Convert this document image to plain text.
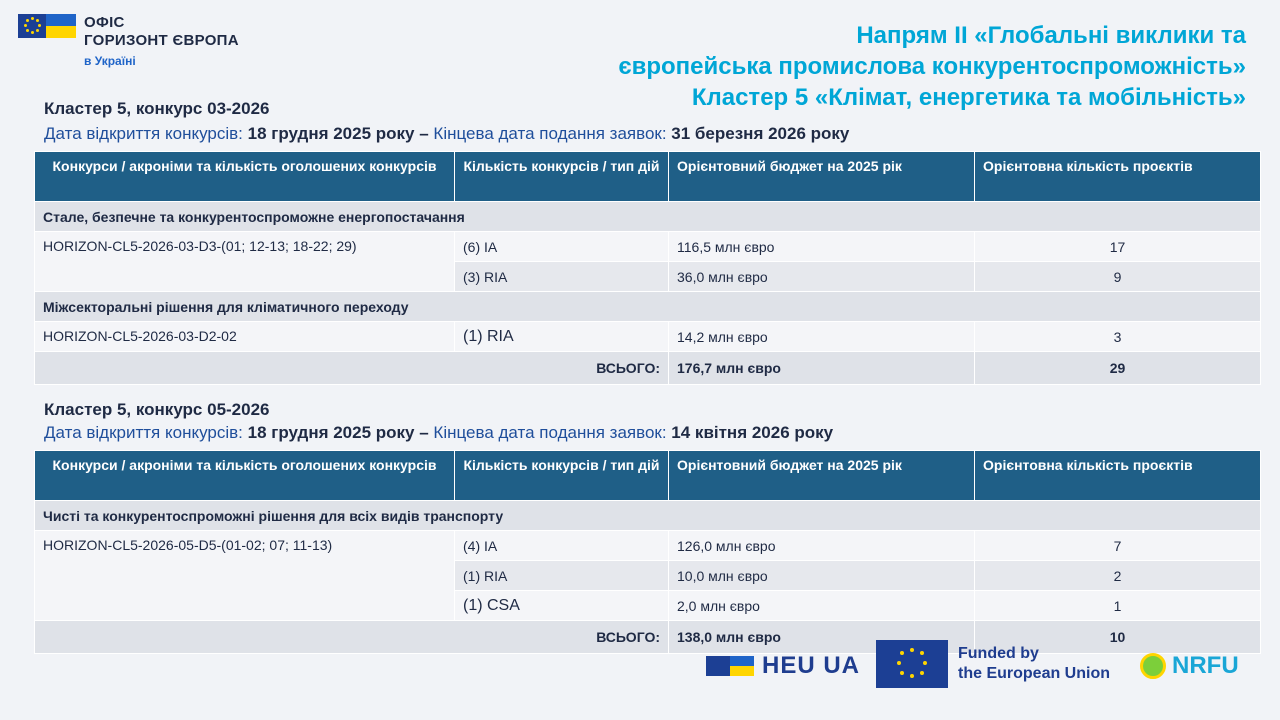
ОФІС
ГОРИЗОНТ ЄВРОПА
в Україні
Напрям II «Глобальні виклики та
європейська промислова конкурентоспроможність»
Кластер 5 «Клімат, енергетика та мобільність»
Кластер 5, конкурс 03-2026
Дата відкриття конкурсів: 18 грудня 2025 року – Кінцева дата подання заявок: 31 березня 2026 року
Конкурси / акроніми та кількість оголошених конкурсів	Кількість конкурсів / тип дій	Орієнтовний бюджет на 2025 рік	Орієнтовна кількість проєктів
Стале, безпечне та конкурентоспроможне енергопостачання			
HORIZON-CL5-2026-03-D3-(01; 12-13; 18-22; 29)	(6) IA	116,5 млн євро	17
	(3) RIA	36,0 млн євро	9
Міжсекторальні рішення для кліматичного переходу			
HORIZON-CL5-2026-03-D2-02	(1) RIA	14,2 млн євро	3
ВСЬОГО:		176,7 млн євро	29
Кластер 5, конкурс 05-2026
Дата відкриття конкурсів: 18 грудня 2025 року – Кінцева дата подання заявок: 14 квітня 2026 року
Конкурси / акроніми та кількість оголошених конкурсів	Кількість конкурсів / тип дій	Орієнтовний бюджет на 2025 рік	Орієнтовна кількість проєктів
Чисті та конкурентоспроможні рішення для всіх видів транспорту			
HORIZON-CL5-2026-05-D5-(01-02; 07; 11-13)	(4) IA	126,0 млн євро	7
	(1) RIA	10,0 млн євро	2
	(1) CSA	2,0 млн євро	1
ВСЬОГО:		138,0 млн євро	10
HEU UA	Funded by
the European Union	NRFU
